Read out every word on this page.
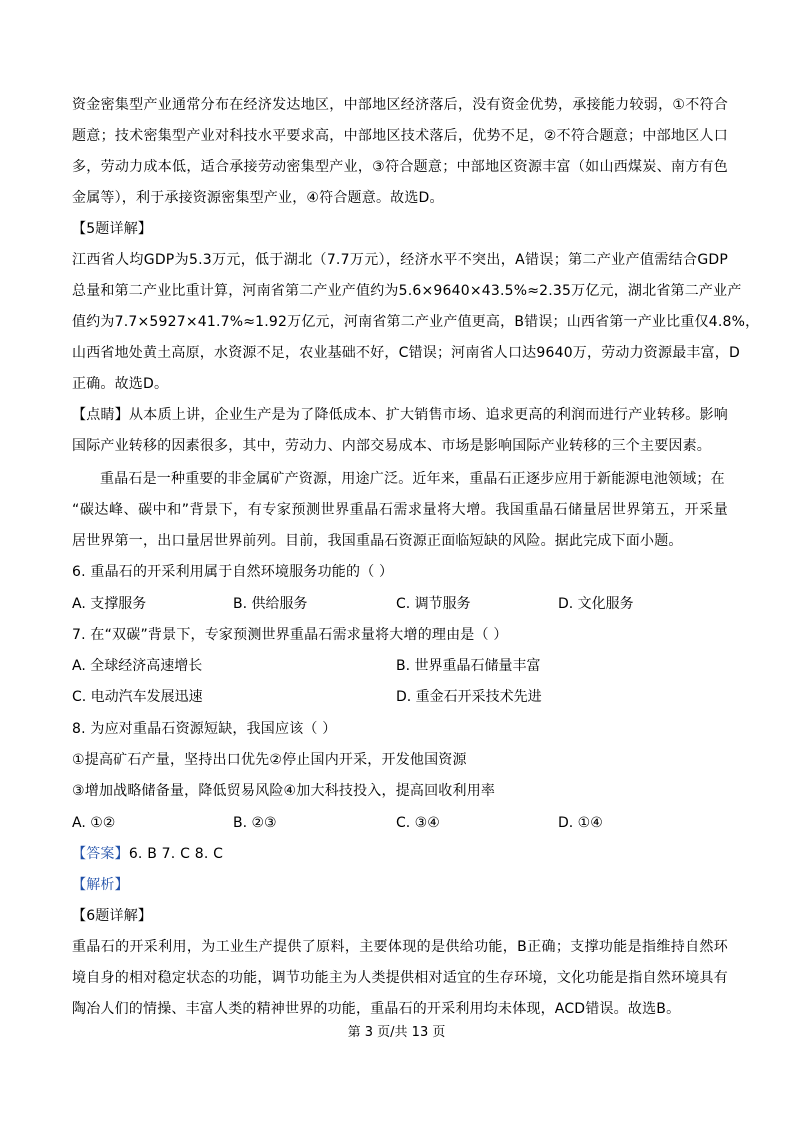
资金密集型产业通常分布在经济发达地区，中部地区经济落后，没有资金优势，承接能力较弱，①不符合
题意；技术密集型产业对科技水平要求高，中部地区技术落后，优势不足，②不符合题意；中部地区人口
多，劳动力成本低，适合承接劳动密集型产业，③符合题意；中部地区资源丰富（如山西煤炭、南方有色
金属等），利于承接资源密集型产业，④符合题意。故选D。
【5题详解】
江西省人均GDP为5.3万元，低于湖北（7.7万元），经济水平不突出，A错误；第二产业产值需结合GDP
总量和第二产业比重计算，河南省第二产业产值约为5.6×9640×43.5%≈2.35万亿元，湖北省第二产业产
值约为7.7×5927×41.7%≈1.92万亿元，河南省第二产业产值更高，B错误；山西省第一产业比重仅4.8%，
山西省地处黄土高原，水资源不足，农业基础不好，C错误；河南省人口达9640万，劳动力资源最丰富，D
正确。故选D。
【点睛】从本质上讲，企业生产是为了降低成本、扩大销售市场、追求更高的利润而进行产业转移。影响
国际产业转移的因素很多，其中，劳动力、内部交易成本、市场是影响国际产业转移的三个主要因素。
重晶石是一种重要的非金属矿产资源，用途广泛。近年来，重晶石正逐步应用于新能源电池领域；在
“碳达峰、碳中和”背景下，有专家预测世界重晶石需求量将大增。我国重晶石储量居世界第五，开采量
居世界第一，出口量居世界前列。目前，我国重晶石资源正面临短缺的风险。据此完成下面小题。
6. 重晶石的开采利用属于自然环境服务功能的（ ）
A. 支撑服务	B. 供给服务	C. 调节服务	D. 文化服务
7. 在“双碳”背景下，专家预测世界重晶石需求量将大增的理由是（ ）
A. 全球经济高速增长	B. 世界重晶石储量丰富
C. 电动汽车发展迅速	D. 重金石开采技术先进
8. 为应对重晶石资源短缺，我国应该（ ）
①提高矿石产量，坚持出口优先②停止国内开采，开发他国资源
③增加战略储备量，降低贸易风险④加大科技投入，提高回收利用率
A. ①②	B. ②③	C. ③④	D. ①④
【答案】6. B 7. C 8. C
【解析】
【6题详解】
重晶石的开采利用，为工业生产提供了原料，主要体现的是供给功能，B正确；支撑功能是指维持自然环
境自身的相对稳定状态的功能，调节功能主为人类提供相对适宜的生存环境，文化功能是指自然环境具有
陶冶人们的情操、丰富人类的精神世界的功能，重晶石的开采利用均未体现，ACD错误。故选B。
第 3 页/共 13 页
